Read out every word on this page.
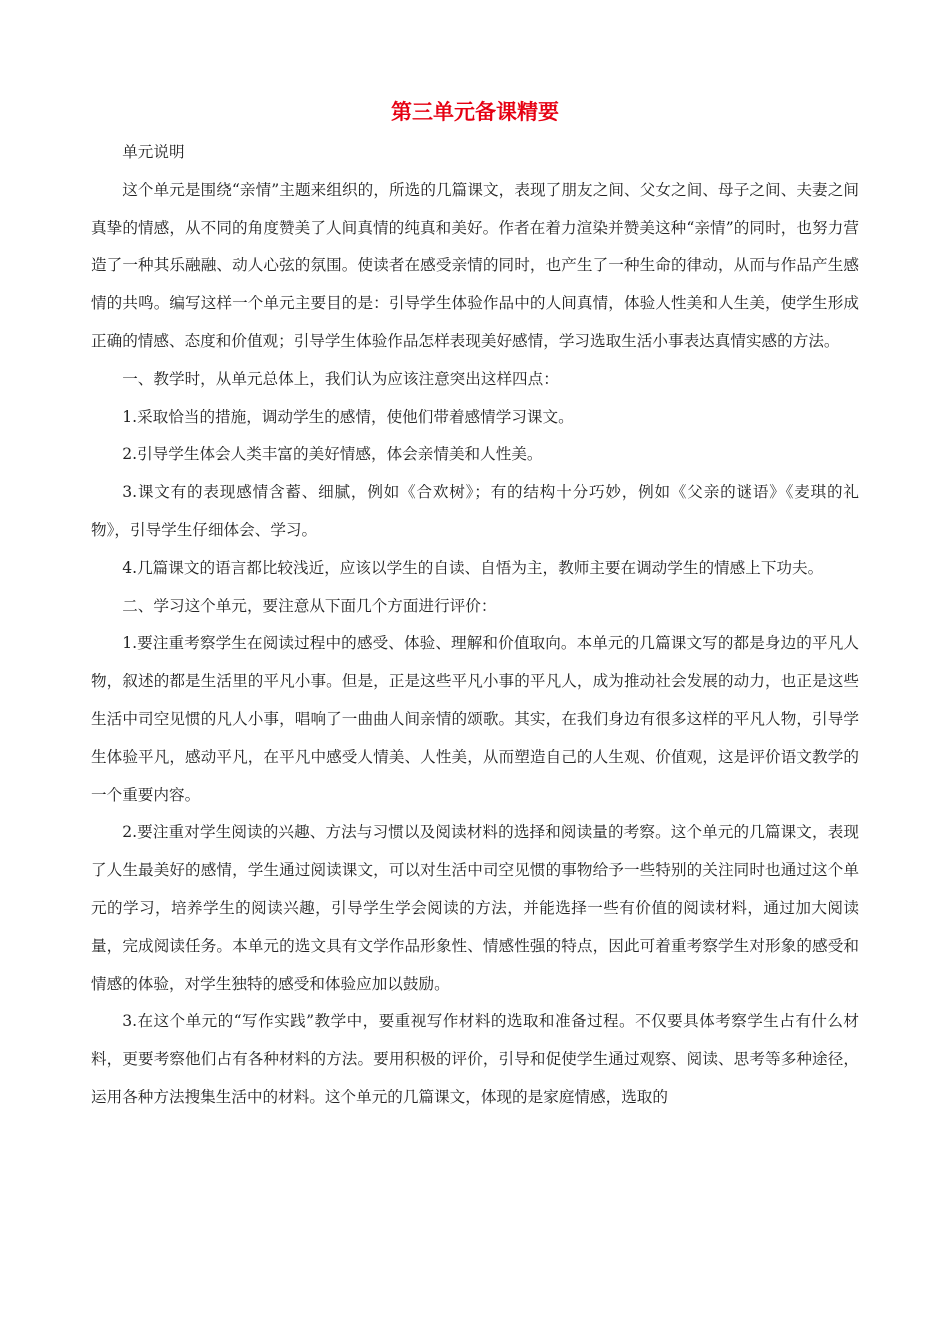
第三单元备课精要

单元说明

这个单元是围绕“亲情”主题来组织的，所选的几篇课文，表现了朋友之间、父女之间、母子之间、夫妻之间真挚的情感，从不同的角度赞美了人间真情的纯真和美好。作者在着力渲染并赞美这种“亲情”的同时，也努力营造了一种其乐融融、动人心弦的氛围。使读者在感受亲情的同时，也产生了一种生命的律动，从而与作品产生感情的共鸣。编写这样一个单元主要目的是：引导学生体验作品中的人间真情，体验人性美和人生美，使学生形成正确的情感、态度和价值观；引导学生体验作品怎样表现美好感情，学习选取生活小事表达真情实感的方法。

一、教学时，从单元总体上，我们认为应该注意突出这样四点：

1.采取恰当的措施，调动学生的感情，使他们带着感情学习课文。

2.引导学生体会人类丰富的美好情感，体会亲情美和人性美。

3.课文有的表现感情含蓄、细腻，例如《合欢树》；有的结构十分巧妙，例如《父亲的谜语》《麦琪的礼物》，引导学生仔细体会、学习。

4.几篇课文的语言都比较浅近，应该以学生的自读、自悟为主，教师主要在调动学生的情感上下功夫。

二、学习这个单元，要注意从下面几个方面进行评价：

1.要注重考察学生在阅读过程中的感受、体验、理解和价值取向。本单元的几篇课文写的都是身边的平凡人物，叙述的都是生活里的平凡小事。但是，正是这些平凡小事的平凡人，成为推动社会发展的动力，也正是这些生活中司空见惯的凡人小事，唱响了一曲曲人间亲情的颂歌。其实，在我们身边有很多这样的平凡人物，引导学生体验平凡，感动平凡，在平凡中感受人情美、人性美，从而塑造自己的人生观、价值观，这是评价语文教学的一个重要内容。

2.要注重对学生阅读的兴趣、方法与习惯以及阅读材料的选择和阅读量的考察。这个单元的几篇课文，表现了人生最美好的感情，学生通过阅读课文，可以对生活中司空见惯的事物给予一些特别的关注同时也通过这个单元的学习，培养学生的阅读兴趣，引导学生学会阅读的方法，并能选择一些有价值的阅读材料，通过加大阅读量，完成阅读任务。本单元的选文具有文学作品形象性、情感性强的特点，因此可着重考察学生对形象的感受和情感的体验，对学生独特的感受和体验应加以鼓励。

3.在这个单元的“写作实践”教学中，要重视写作材料的选取和准备过程。不仅要具体考察学生占有什么材料，更要考察他们占有各种材料的方法。要用积极的评价，引导和促使学生通过观察、阅读、思考等多种途径，运用各种方法搜集生活中的材料。这个单元的几篇课文，体现的是家庭情感，选取的
